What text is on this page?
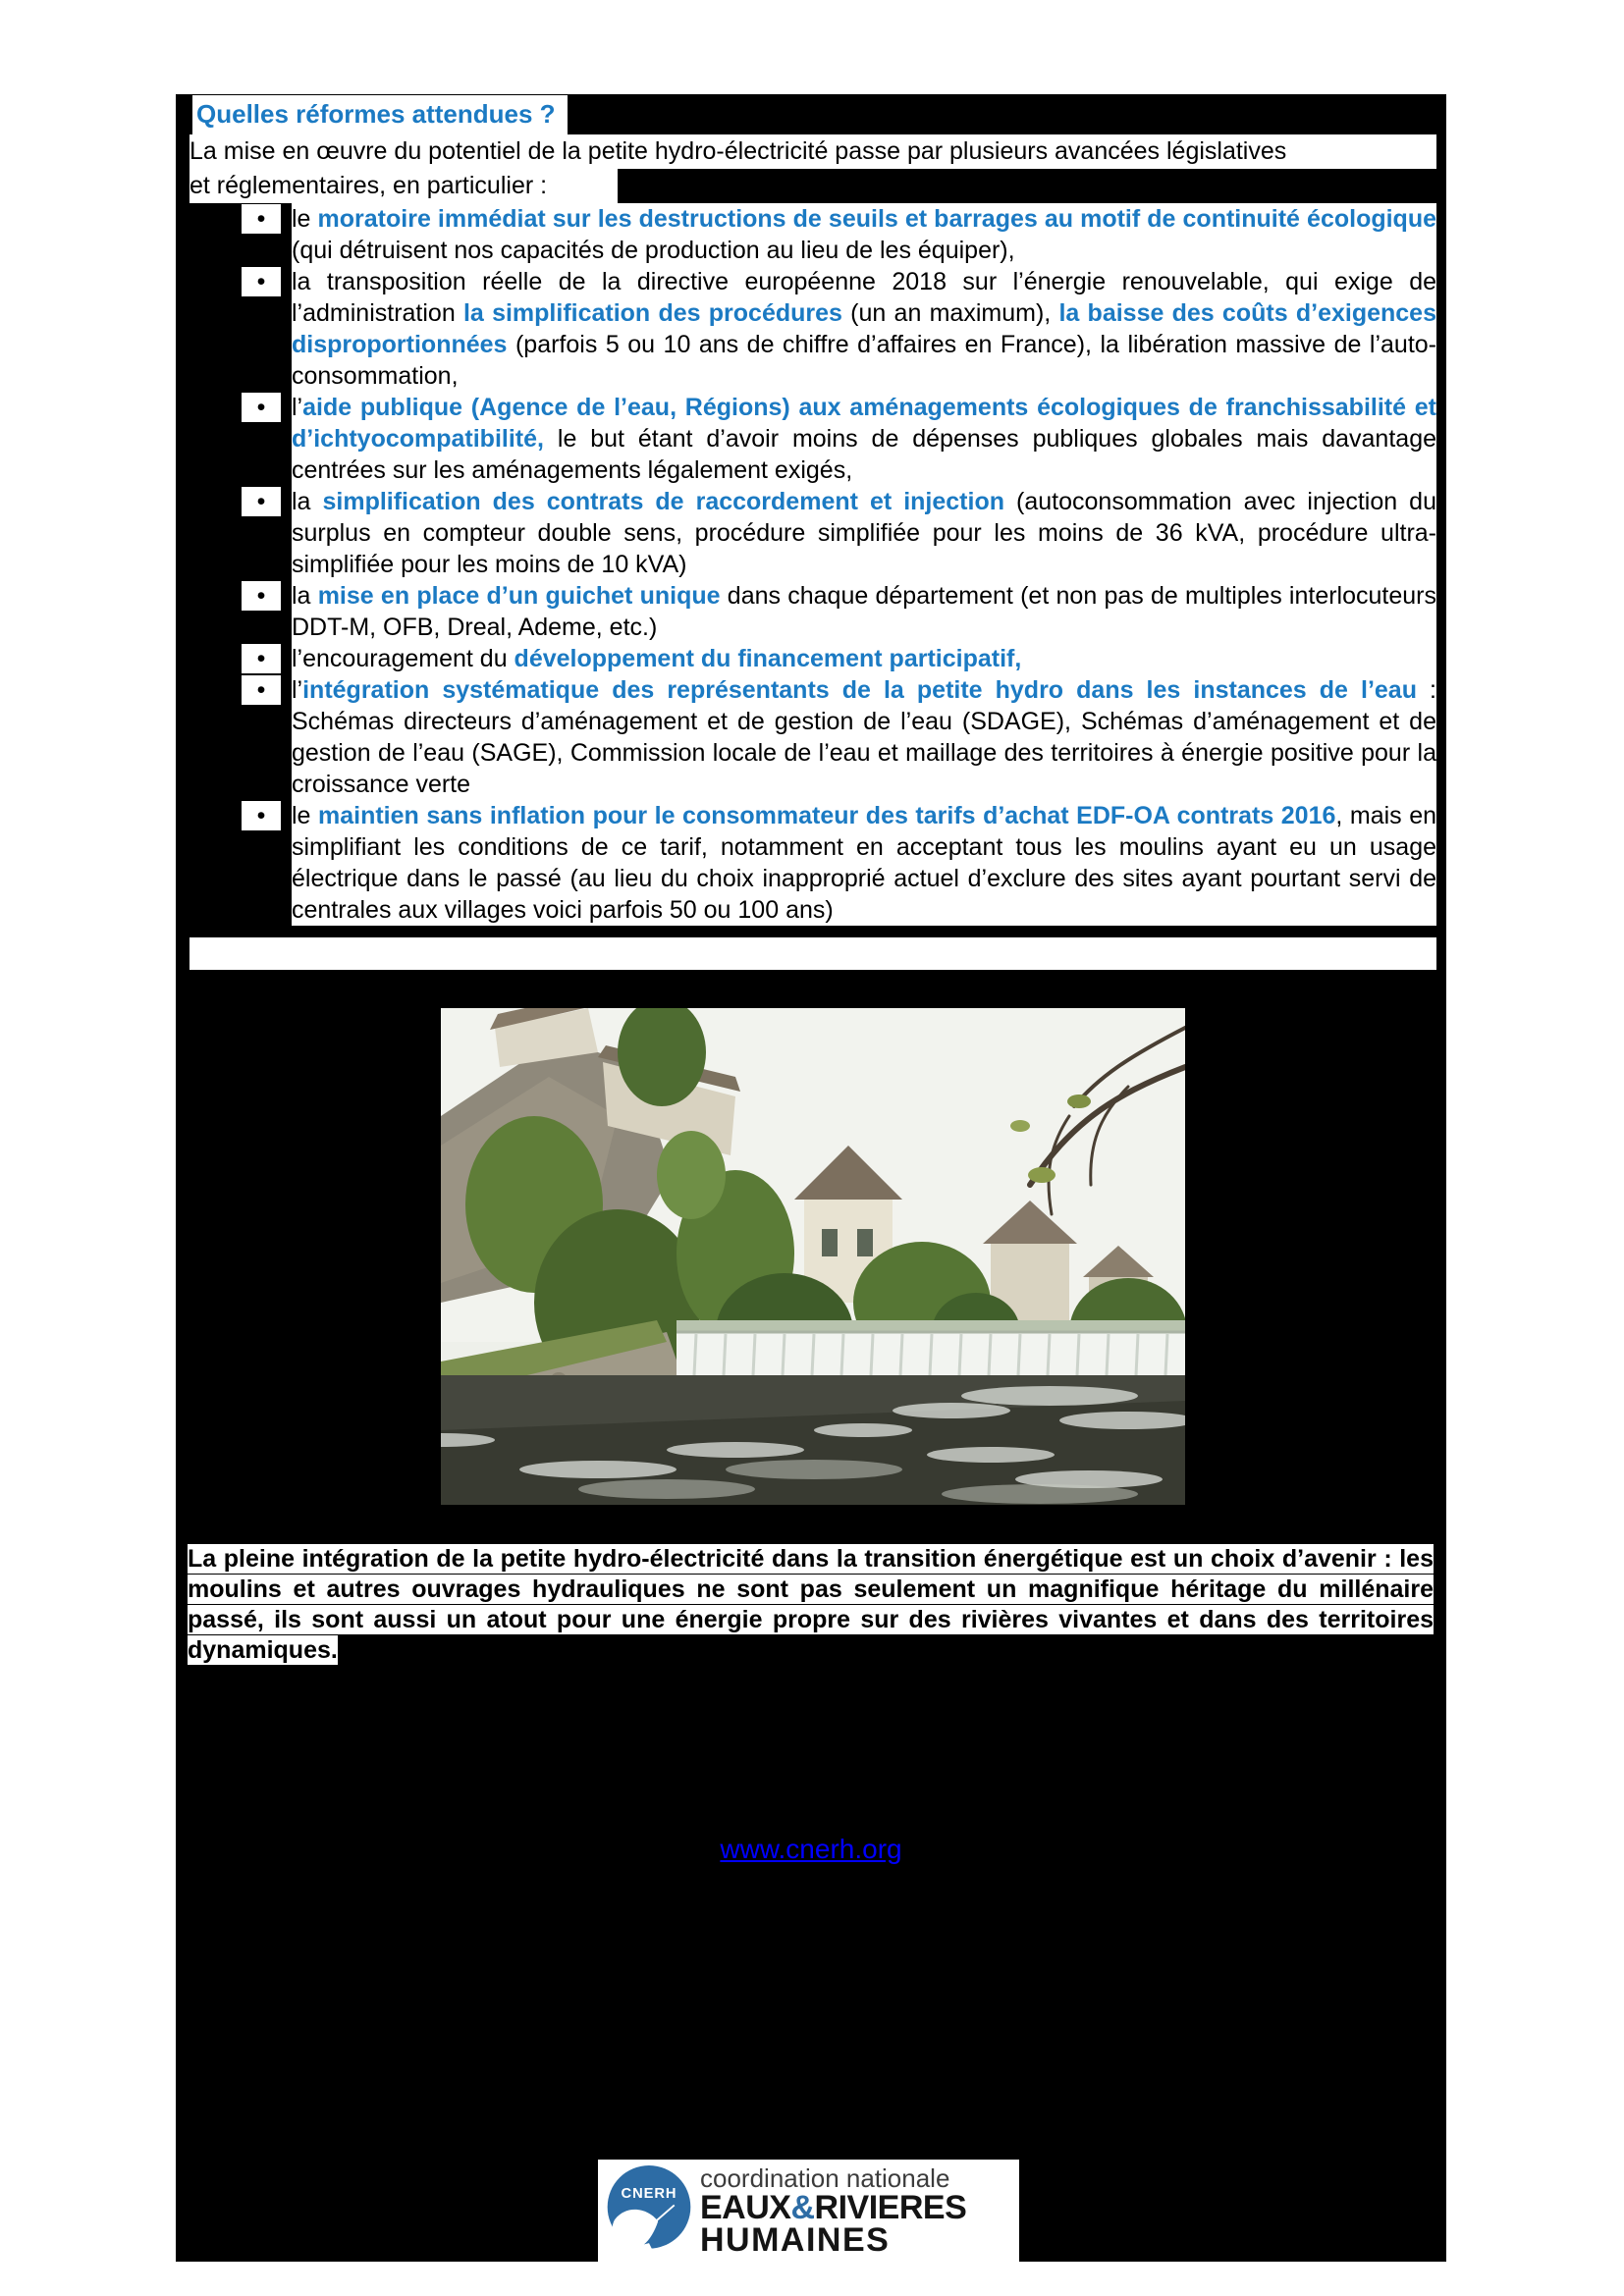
Quelles réformes attendues ?
La mise en œuvre du potentiel de la petite hydro-électricité passe par plusieurs avancées législatives
et réglementaires, en particulier :
•	le moratoire immédiat sur les destructions de seuils et barrages au motif de continuité écologique (qui détruisent nos capacités de production au lieu de les équiper),
•	la transposition réelle de la directive européenne 2018 sur l’énergie renouvelable, qui exige de l’administration la simplification des procédures (un an maximum), la baisse des coûts d’exigences disproportionnées (parfois 5 ou 10 ans de chiffre d’affaires en France), la libération massive de l’auto-consommation,
•	l’aide publique (Agence de l’eau, Régions) aux aménagements écologiques de franchissabilité et d’ichtyocompatibilité, le but étant d’avoir moins de dépenses publiques globales mais davantage centrées sur les aménagements légalement exigés,
•	la simplification des contrats de raccordement et injection (autoconsommation avec injection du surplus en compteur double sens, procédure simplifiée pour les moins de 36 kVA, procédure ultra-simplifiée pour les moins de 10 kVA)
•	la mise en place d’un guichet unique dans chaque département (et non pas de multiples interlocuteurs DDT-M, OFB, Dreal, Ademe, etc.)
•	l’encouragement du développement du financement participatif,
•	l’intégration systématique des représentants de la petite hydro dans les instances de l’eau : Schémas directeurs d’aménagement et de gestion de l’eau (SDAGE), Schémas d’aménagement et de gestion de l’eau (SAGE), Commission locale de l’eau et maillage des territoires à énergie positive pour la croissance verte
•	le maintien sans inflation pour le consommateur des tarifs d’achat EDF-OA contrats 2016, mais en simplifiant les conditions de ce tarif, notamment en acceptant tous les moulins ayant eu un usage électrique dans le passé (au lieu du choix inapproprié actuel d’exclure des sites ayant pourtant servi de centrales aux villages voici parfois 50 ou 100 ans)
La pleine intégration de la petite hydro-électricité dans la transition énergétique est un choix d’avenir : les moulins et autres ouvrages hydrauliques ne sont pas seulement un magnifique héritage du millénaire passé, ils sont aussi un atout pour une énergie propre sur des rivières vivantes et dans des territoires dynamiques.
www.cnerh.org
CNERH
coordination nationale
EAUX&RIVIERES
HUMAINES
